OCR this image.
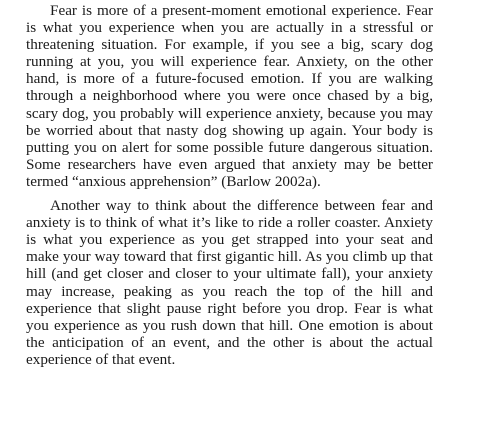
Fear is more of a present-moment emotional experience. Fear is what you experience when you are actually in a stressful or threatening situation. For example, if you see a big, scary dog running at you, you will experience fear. Anxiety, on the other hand, is more of a future-focused emotion. If you are walking through a neighborhood where you were once chased by a big, scary dog, you probably will experience anxiety, because you may be worried about that nasty dog showing up again. Your body is putting you on alert for some possible future dangerous situation. Some researchers have even argued that anxiety may be better termed “anxious apprehension” (Barlow 2002a).

Another way to think about the difference between fear and anxiety is to think of what it’s like to ride a roller coaster. Anxiety is what you experience as you get strapped into your seat and make your way toward that first gigantic hill. As you climb up that hill (and get closer and closer to your ultimate fall), your anxiety may increase, peaking as you reach the top of the hill and experience that slight pause right before you drop. Fear is what you experience as you rush down that hill. One emotion is about the anticipation of an event, and the other is about the actual experience of that event.
